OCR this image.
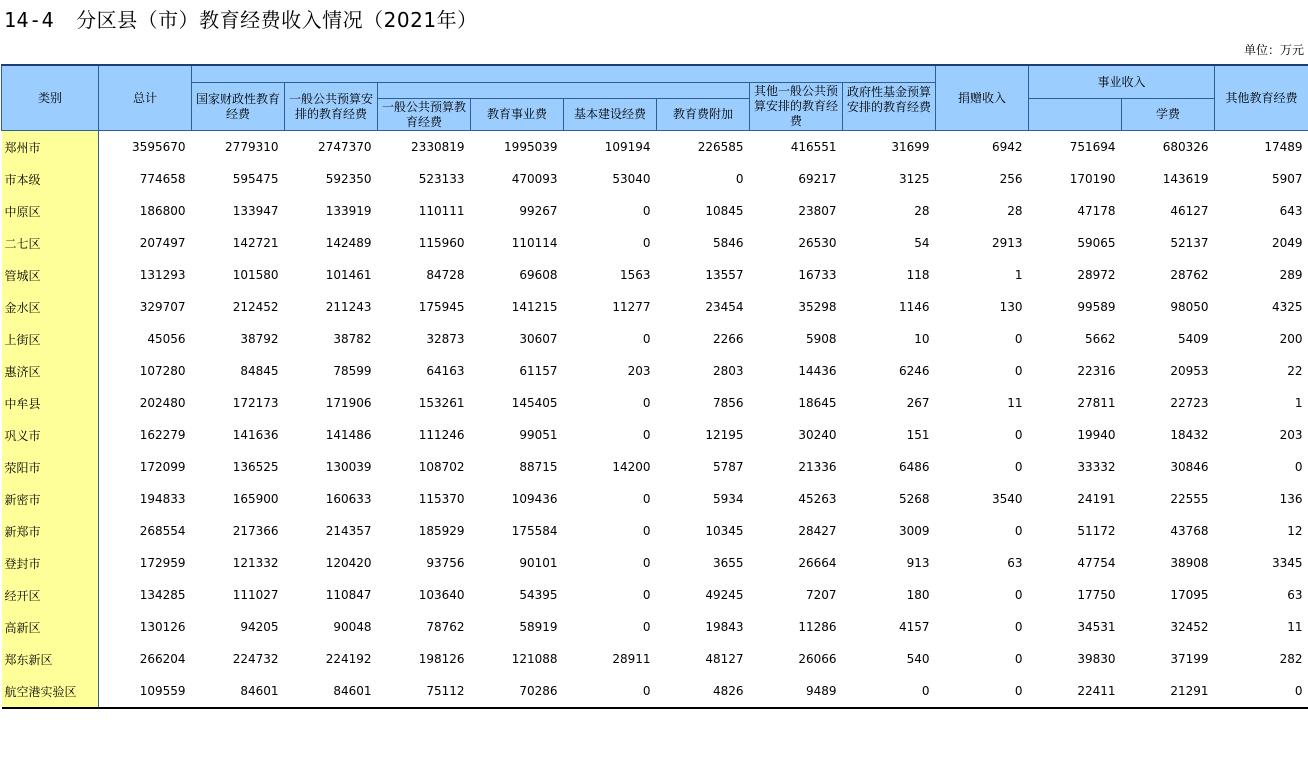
14-4 分区县（市）教育经费收入情况（2021年）
单位：万元
类别	总计									捐赠收入	事业收入		其他教育经费
		国家财政性教育经费	一般公共预算安排的教育经费					其他一般公共预算安排的教育经费	政府性基金预算安排的教育经费				
				一般公共预算教育经费	教育事业费	基本建设经费	教育费附加					学费	
郑州市	3595670	2779310	2747370	2330819	1995039	109194	226585	416551	31699	6942	751694	680326	17489
市本级	774658	595475	592350	523133	470093	53040	0	69217	3125	256	170190	143619	5907
中原区	186800	133947	133919	110111	99267	0	10845	23807	28	28	47178	46127	643
二七区	207497	142721	142489	115960	110114	0	5846	26530	54	2913	59065	52137	2049
管城区	131293	101580	101461	84728	69608	1563	13557	16733	118	1	28972	28762	289
金水区	329707	212452	211243	175945	141215	11277	23454	35298	1146	130	99589	98050	4325
上街区	45056	38792	38782	32873	30607	0	2266	5908	10	0	5662	5409	200
惠济区	107280	84845	78599	64163	61157	203	2803	14436	6246	0	22316	20953	22
中牟县	202480	172173	171906	153261	145405	0	7856	18645	267	11	27811	22723	1
巩义市	162279	141636	141486	111246	99051	0	12195	30240	151	0	19940	18432	203
荥阳市	172099	136525	130039	108702	88715	14200	5787	21336	6486	0	33332	30846	0
新密市	194833	165900	160633	115370	109436	0	5934	45263	5268	3540	24191	22555	136
新郑市	268554	217366	214357	185929	175584	0	10345	28427	3009	0	51172	43768	12
登封市	172959	121332	120420	93756	90101	0	3655	26664	913	63	47754	38908	3345
经开区	134285	111027	110847	103640	54395	0	49245	7207	180	0	17750	17095	63
高新区	130126	94205	90048	78762	58919	0	19843	11286	4157	0	34531	32452	11
郑东新区	266204	224732	224192	198126	121088	28911	48127	26066	540	0	39830	37199	282
航空港实验区	109559	84601	84601	75112	70286	0	4826	9489	0	0	22411	21291	0
